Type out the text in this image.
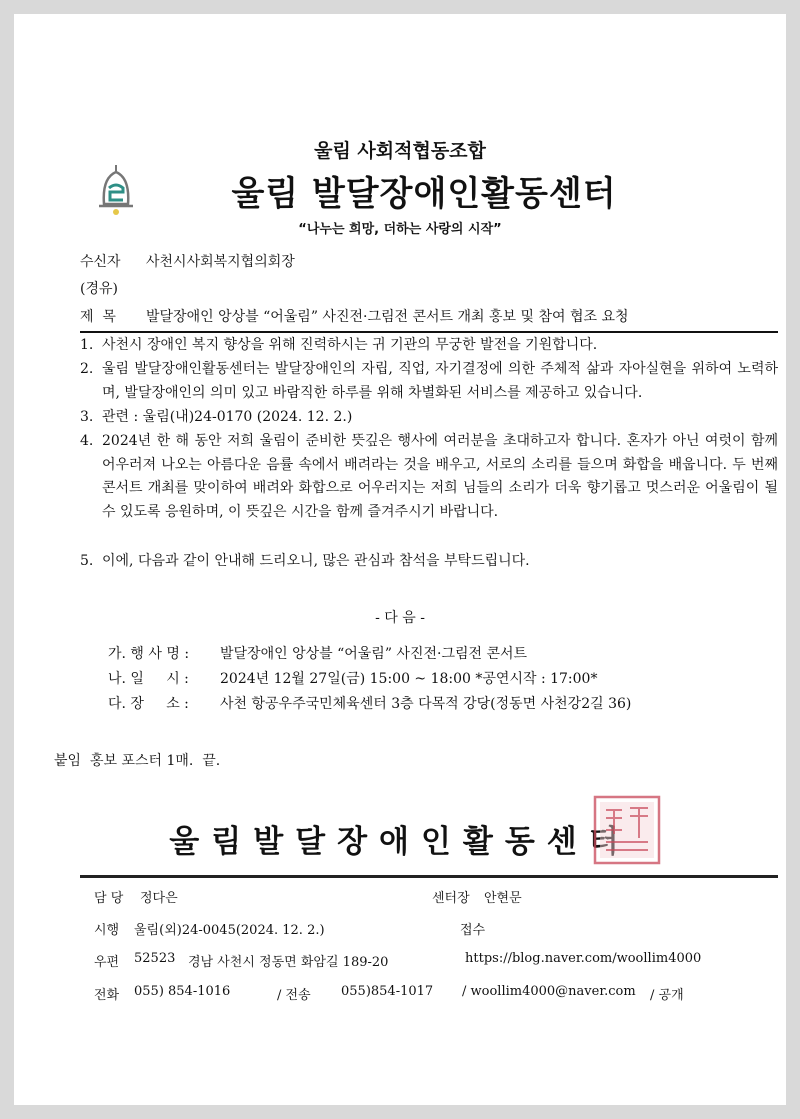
울림 사회적협동조합
울림 발달장애인활동센터
“나누는 희망, 더하는 사랑의 시작”
수신자 사천시사회복지협의회장
(경유)
제  목 발달장애인 앙상블 “어울림” 사진전·그림전 콘서트 개최 홍보 및 참여 협조 요청
1. 사천시 장애인 복지 향상을 위해 진력하시는 귀 기관의 무궁한 발전을 기원합니다.
2. 울림 발달장애인활동센터는 발달장애인의 자립, 직업, 자기결정에 의한 주체적 삶과 자아실현을 위하여 노력하며, 발달장애인의 의미 있고 바람직한 하루를 위해 차별화된 서비스를 제공하고 있습니다.
3. 관련 : 울림(내)24-0170 (2024. 12. 2.)
4. 2024년 한 해 동안 저희 울림이 준비한 뜻깊은 행사에 여러분을 초대하고자 합니다. 혼자가 아닌 여럿이 함께 어우러져 나오는 아름다운 음률 속에서 배려라는 것을 배우고, 서로의 소리를 들으며 화합을 배웁니다. 두 번째 콘서트 개최를 맞이하여 배려와 화합으로 어우러지는 저희 님들의 소리가 더욱 향기롭고 멋스러운 어울림이 될 수 있도록 응원하며, 이 뜻깊은 시간을 함께 즐겨주시기 바랍니다.
5. 이에, 다음과 같이 안내해 드리오니, 많은 관심과 참석을 부탁드립니다.
- 다 음 -
가. 행 사 명 : 발달장애인 앙상블 “어울림” 사진전·그림전 콘서트
나. 일     시 : 2024년 12월 27일(금) 15:00 ~ 18:00 *공연시작 : 17:00*
다. 장     소 : 사천 항공우주국민체육센터 3층 다목적 강당(정동면 사천강2길 36)
붙임  홍보 포스터 1매.  끝.
울림발달장애인활동센터
담 당 정다은	센터장 안현문
시행 울림(외)24-0045(2024. 12. 2.)	접수
우편 52523 경남 사천시 정동면 화암길 189-20	https://blog.naver.com/woollim4000
전화 055) 854-1016	/ 전송 055)854-1017 / woollim4000@naver.com / 공개
